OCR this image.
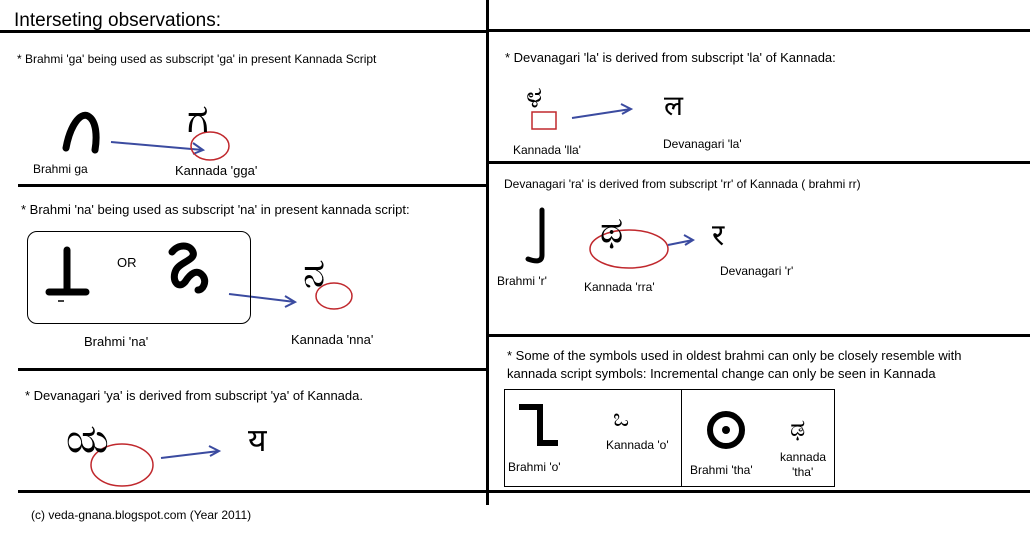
Interseting observations:
* Brahmi 'ga' being used as subscript 'ga' in present Kannada Script
Brahmi ga
ಗ
Kannada 'gga'
* Brahmi 'na' being used as subscript 'na' in present kannada script:
OR
Brahmi 'na'
ನ
Kannada 'nna'
* Devanagari 'ya' is derived from subscript 'ya' of Kannada.
ಯ	य
* Devanagari 'la' is derived from subscript 'la' of Kannada:
ಳ
Kannada 'lla'
ल
Devanagari 'la'
Devanagari 'ra' is derived from subscript 'rr' of Kannada ( brahmi rr)
Brahmi 'r'
ಥ
Kannada 'rra'
र
Devanagari 'r'
* Some of the symbols used in oldest brahmi can only be closely resemble with
kannada script symbols: Incremental change can only be seen in Kannada
Brahmi 'o'
ಒ
Kannada 'o'
Brahmi 'tha'
ಢ
kannada
'tha'
(c) veda-gnana.blogspot.com (Year 2011)
